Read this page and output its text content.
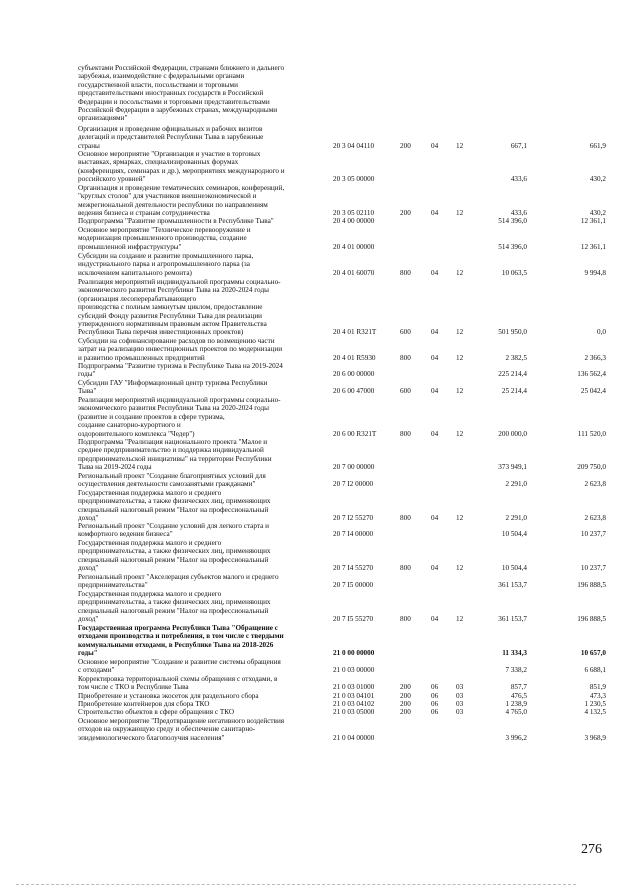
субъектами Российской Федерации, странами ближнего и дальнего
зарубежья, взаимодействие с федеральными органами
государственной власти, посольствами и торговыми
представительствами иностранных государств в Российской
Федерации и посольствами и торговыми представительствами
Российской Федерации в зарубежных странах, международными
организациями"
Организация и проведение официальных и рабочих визитов
делегаций и представителей Республики Тыва в зарубежные
страны	20 3 04 04110	200	04 12	667,1	661,9
Основное мероприятие "Организация и участие в торговых
выставках, ярмарках, специализированных форумах
(конференциях, семинарах и др.), мероприятиях международного и
российского уровней"	20 3 05 00000	433,6	430,2
Организация и проведение тематических семинаров, конференций,
"круглых столов" для участников внешнеэкономической и
межрегиональной деятельности республики по направлениям
ведения бизнеса и странам сотрудничества	20 3 05 02110	200	04 12	433,6	430,2
Подпрограмма "Развитие промышленности в Республике Тыва"	20 4 00 00000	514 396,0	12 361,1
Основное мероприятие "Техническое перевооружение и
модернизация промышленного производства, создание
промышленной инфраструктуры"	20 4 01 00000	514 396,0	12 361,1
Субсидии на создание и развитие промышленного парка,
индустриального парка и агропромышленного парка (за
исключением капитального ремонта)	20 4 01 60070	800	04 12	10 063,5	9 994,8
Реализация мероприятий индивидуальной программы социально-
экономического развития Республики Тыва на 2020-2024 годы
(организация лесоперерабатывающего
производства с полным замкнутым циклом, предоставление
субсидий Фонду развития Республики Тыва для реализации
утвержденного нормативным правовым актом Правительства
Республики Тыва перечня инвестиционных проектов)	20 4 01 R321T	600	04 12	501 950,0	0,0
Субсидии на софинансирование расходов по возмещению части
затрат на реализацию инвестиционных проектов по модернизации
и развитию промышленных предприятий	20 4 01 R5930	800	04 12	2 382,5	2 366,3
Подпрограмма "Развитие туризма в Республике Тыва на 2019-2024
годы"	20 6 00 00000	225 214,4	136 562,4
Субсидии ГАУ "Информационный центр туризма Республики
Тыва"	20 6 00 47000	600	04 12	25 214,4	25 042,4
Реализация мероприятий индивидуальной программы социально-
экономического развития Республики Тыва на 2020-2024 годы
(развитие и создание проектов в сфере туризма,
создание санаторно-курортного и
оздоровительного комплекса "Чедер")	20 6 00 R321T	800	04 12	200 000,0	111 520,0
Подпрограмма "Реализация национального проекта "Малое и
среднее предпринимательство и поддержка индивидуальной
предпринимательской инициативы" на территории Республики
Тыва на 2019-2024 годы	20 7 00 00000	373 949,1	209 750,0
Региональный проект "Создание благоприятных условий для
осуществления деятельности самозанятыми гражданами"	20 7 I2 00000	2 291,0	2 623,8
Государственная поддержка малого и среднего
предпринимательства, а также физических лиц, применяющих
специальный налоговый режим "Налог на профессиональный
доход"	20 7 I2 55270	800	04 12	2 291,0	2 623,8
Региональный проект "Создание условий для легкого старта и
комфортного ведения бизнеса"	20 7 I4 00000	10 504,4	10 237,7
Государственная поддержка малого и среднего
предпринимательства, а также физических лиц, применяющих
специальный налоговый режим "Налог на профессиональный
доход"	20 7 I4 55270	800	04 12	10 504,4	10 237,7
Региональный проект "Акселерация субъектов малого и среднего
предпринимательства"	20 7 I5 00000	361 153,7	196 888,5
Государственная поддержка малого и среднего
предпринимательства, а также физических лиц, применяющих
специальный налоговый режим "Налог на профессиональный
доход"	20 7 I5 55270	800	04 12	361 153,7	196 888,5
Государственная программа Республики Тыва "Обращение с
отходами производства и потребления, в том числе с твердыми
коммунальными отходами, в Республике Тыва на 2018-2026
годы"	21 0 00 00000	11 334,3	10 657,0
Основное мероприятие "Создание и развитие системы обращения
с отходами"	21 0 03 00000	7 338,2	6 688,1
Корректировка территориальной схемы обращения с отходами, в
том числе с ТКО в Республике Тыва	21 0 03 01000	200	06 03	857,7	851,9
Приобретение и установка экосеток для раздельного сбора	21 0 03 04101	200	06 03	476,5	473,3
Приобретение контейнеров для сбора ТКО	21 0 03 04102	200	06 03	1 238,9	1 230,5
Строительство объектов в сфере обращения с ТКО	21 0 03 05000	200	06 03	4 765,0	4 132,5
Основное мероприятие "Предотвращение негативного воздействия
отходов на окружающую среду и обеспечение санитарно-
эпидемиологического благополучия населения"	21 0 04 00000	3 996,2	3 968,9
276
